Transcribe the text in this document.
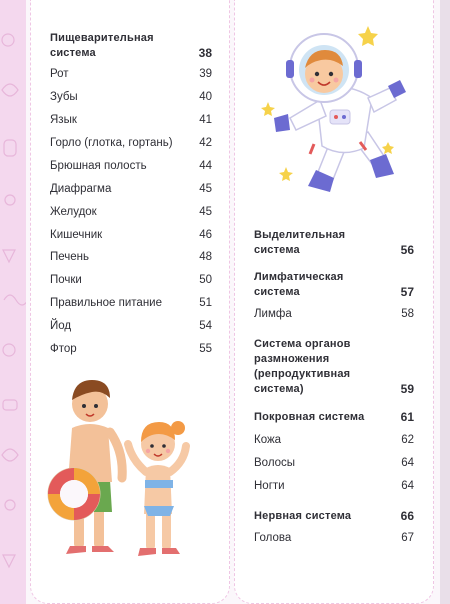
Пищеварительная
система	38
Рот	39
Зубы	40
Язык	41
Горло (глотка, гортань) 42
Брюшная полость	44
Диафрагма	45
Желудок	45
Кишечник	46
Печень	48
Почки	50
Правильное питание	51
Йод	54
Фтор	55
Выделительная
система	56
Лимфатическая
система	57
Лимфа	58
Система органов
размножения
(репродуктивная
система)	59
Покровная система	61
Кожа	62
Волосы	64
Ногти	64
Нервная система	66
Голова	67
